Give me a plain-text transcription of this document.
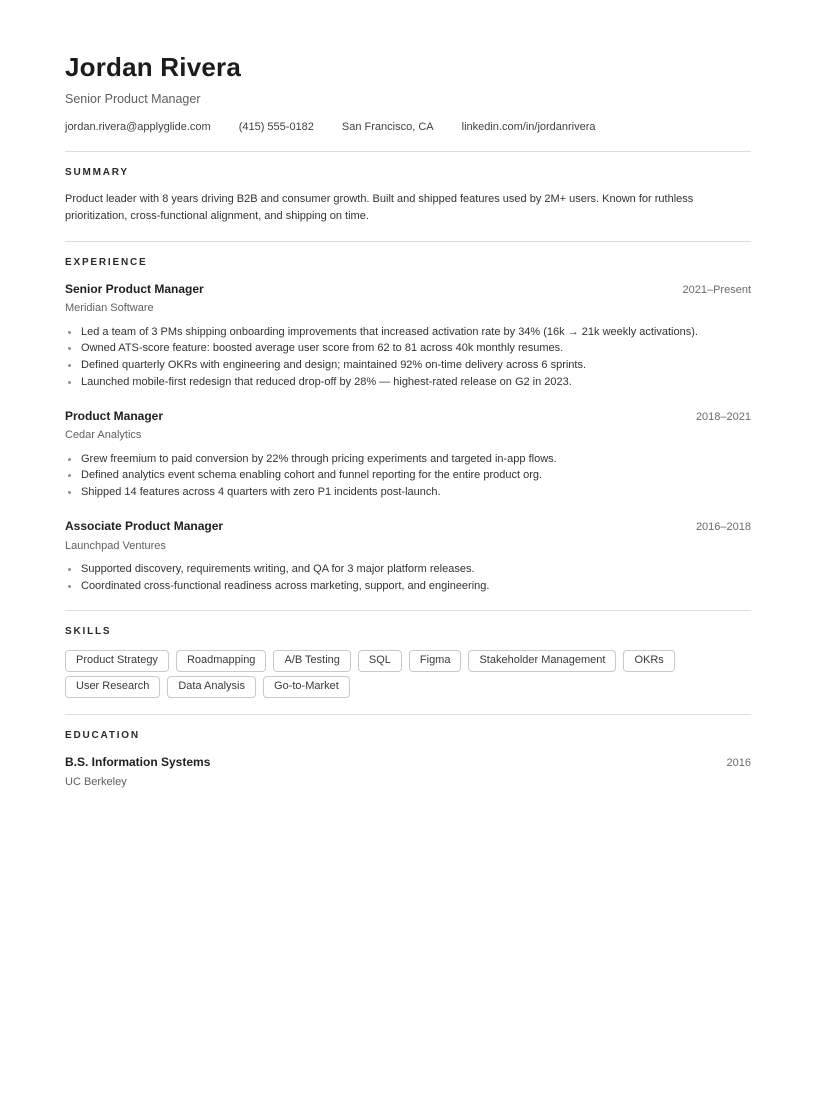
Jordan Rivera
Senior Product Manager
jordan.rivera@applyglide.com	(415) 555-0182	San Francisco, CA	linkedin.com/in/jordanrivera
SUMMARY

Product leader with 8 years driving B2B and consumer growth. Built and shipped features used by 2M+ users. Known for ruthless prioritization, cross-functional alignment, and shipping on time.

EXPERIENCE
Senior Product Manager	2021–Present
Meridian Software
Led a team of 3 PMs shipping onboarding improvements that increased activation rate by 34% (16k → 21k weekly activations).
Owned ATS-score feature: boosted average user score from 62 to 81 across 40k monthly resumes.
Defined quarterly OKRs with engineering and design; maintained 92% on-time delivery across 6 sprints.
Launched mobile-first redesign that reduced drop-off by 28% — highest-rated release on G2 in 2023.
Product Manager	2018–2021
Cedar Analytics
Grew freemium to paid conversion by 22% through pricing experiments and targeted in-app flows.
Defined analytics event schema enabling cohort and funnel reporting for the entire product org.
Shipped 14 features across 4 quarters with zero P1 incidents post-launch.
Associate Product Manager	2016–2018
Launchpad Ventures
Supported discovery, requirements writing, and QA for 3 major platform releases.
Coordinated cross-functional readiness across marketing, support, and engineering.
SKILLS
Product Strategy	Roadmapping	A/B Testing	SQL	Figma	Stakeholder Management	OKRs
User Research	Data Analysis	Go-to-Market
EDUCATION
B.S. Information Systems	2016
UC Berkeley
